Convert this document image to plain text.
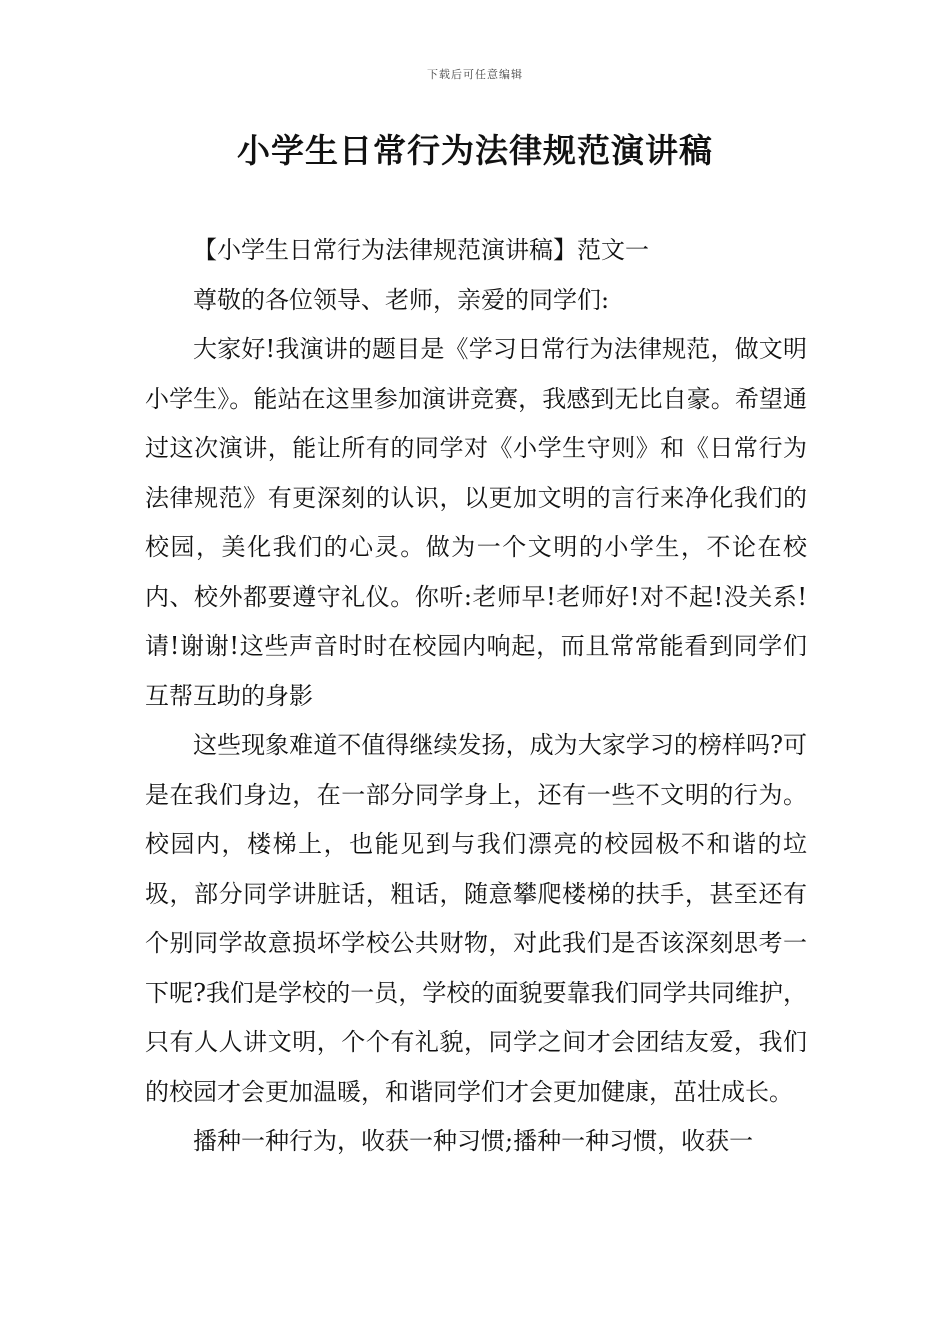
下载后可任意编辑
小学生日常行为法律规范演讲稿

【小学生日常行为法律规范演讲稿】范文一

尊敬的各位领导、老师，亲爱的同学们:

大家好!我演讲的题目是《学习日常行为法律规范，做文明小学生》。能站在这里参加演讲竞赛，我感到无比自豪。希望通过这次演讲，能让所有的同学对《小学生守则》和《日常行为法律规范》有更深刻的认识，以更加文明的言行来净化我们的校园，美化我们的心灵。做为一个文明的小学生，不论在校内、校外都要遵守礼仪。你听:老师早!老师好!对不起!没关系!请!谢谢!这些声音时时在校园内响起，而且常常能看到同学们互帮互助的身影

这些现象难道不值得继续发扬，成为大家学习的榜样吗?可是在我们身边，在一部分同学身上，还有一些不文明的行为。校园内，楼梯上，也能见到与我们漂亮的校园极不和谐的垃圾，部分同学讲脏话，粗话，随意攀爬楼梯的扶手，甚至还有个别同学故意损坏学校公共财物，对此我们是否该深刻思考一下呢?我们是学校的一员，学校的面貌要靠我们同学共同维护，只有人人讲文明，个个有礼貌，同学之间才会团结友爱，我们的校园才会更加温暖，和谐同学们才会更加健康，茁壮成长。

播种一种行为，收获一种习惯;播种一种习惯，收获一
